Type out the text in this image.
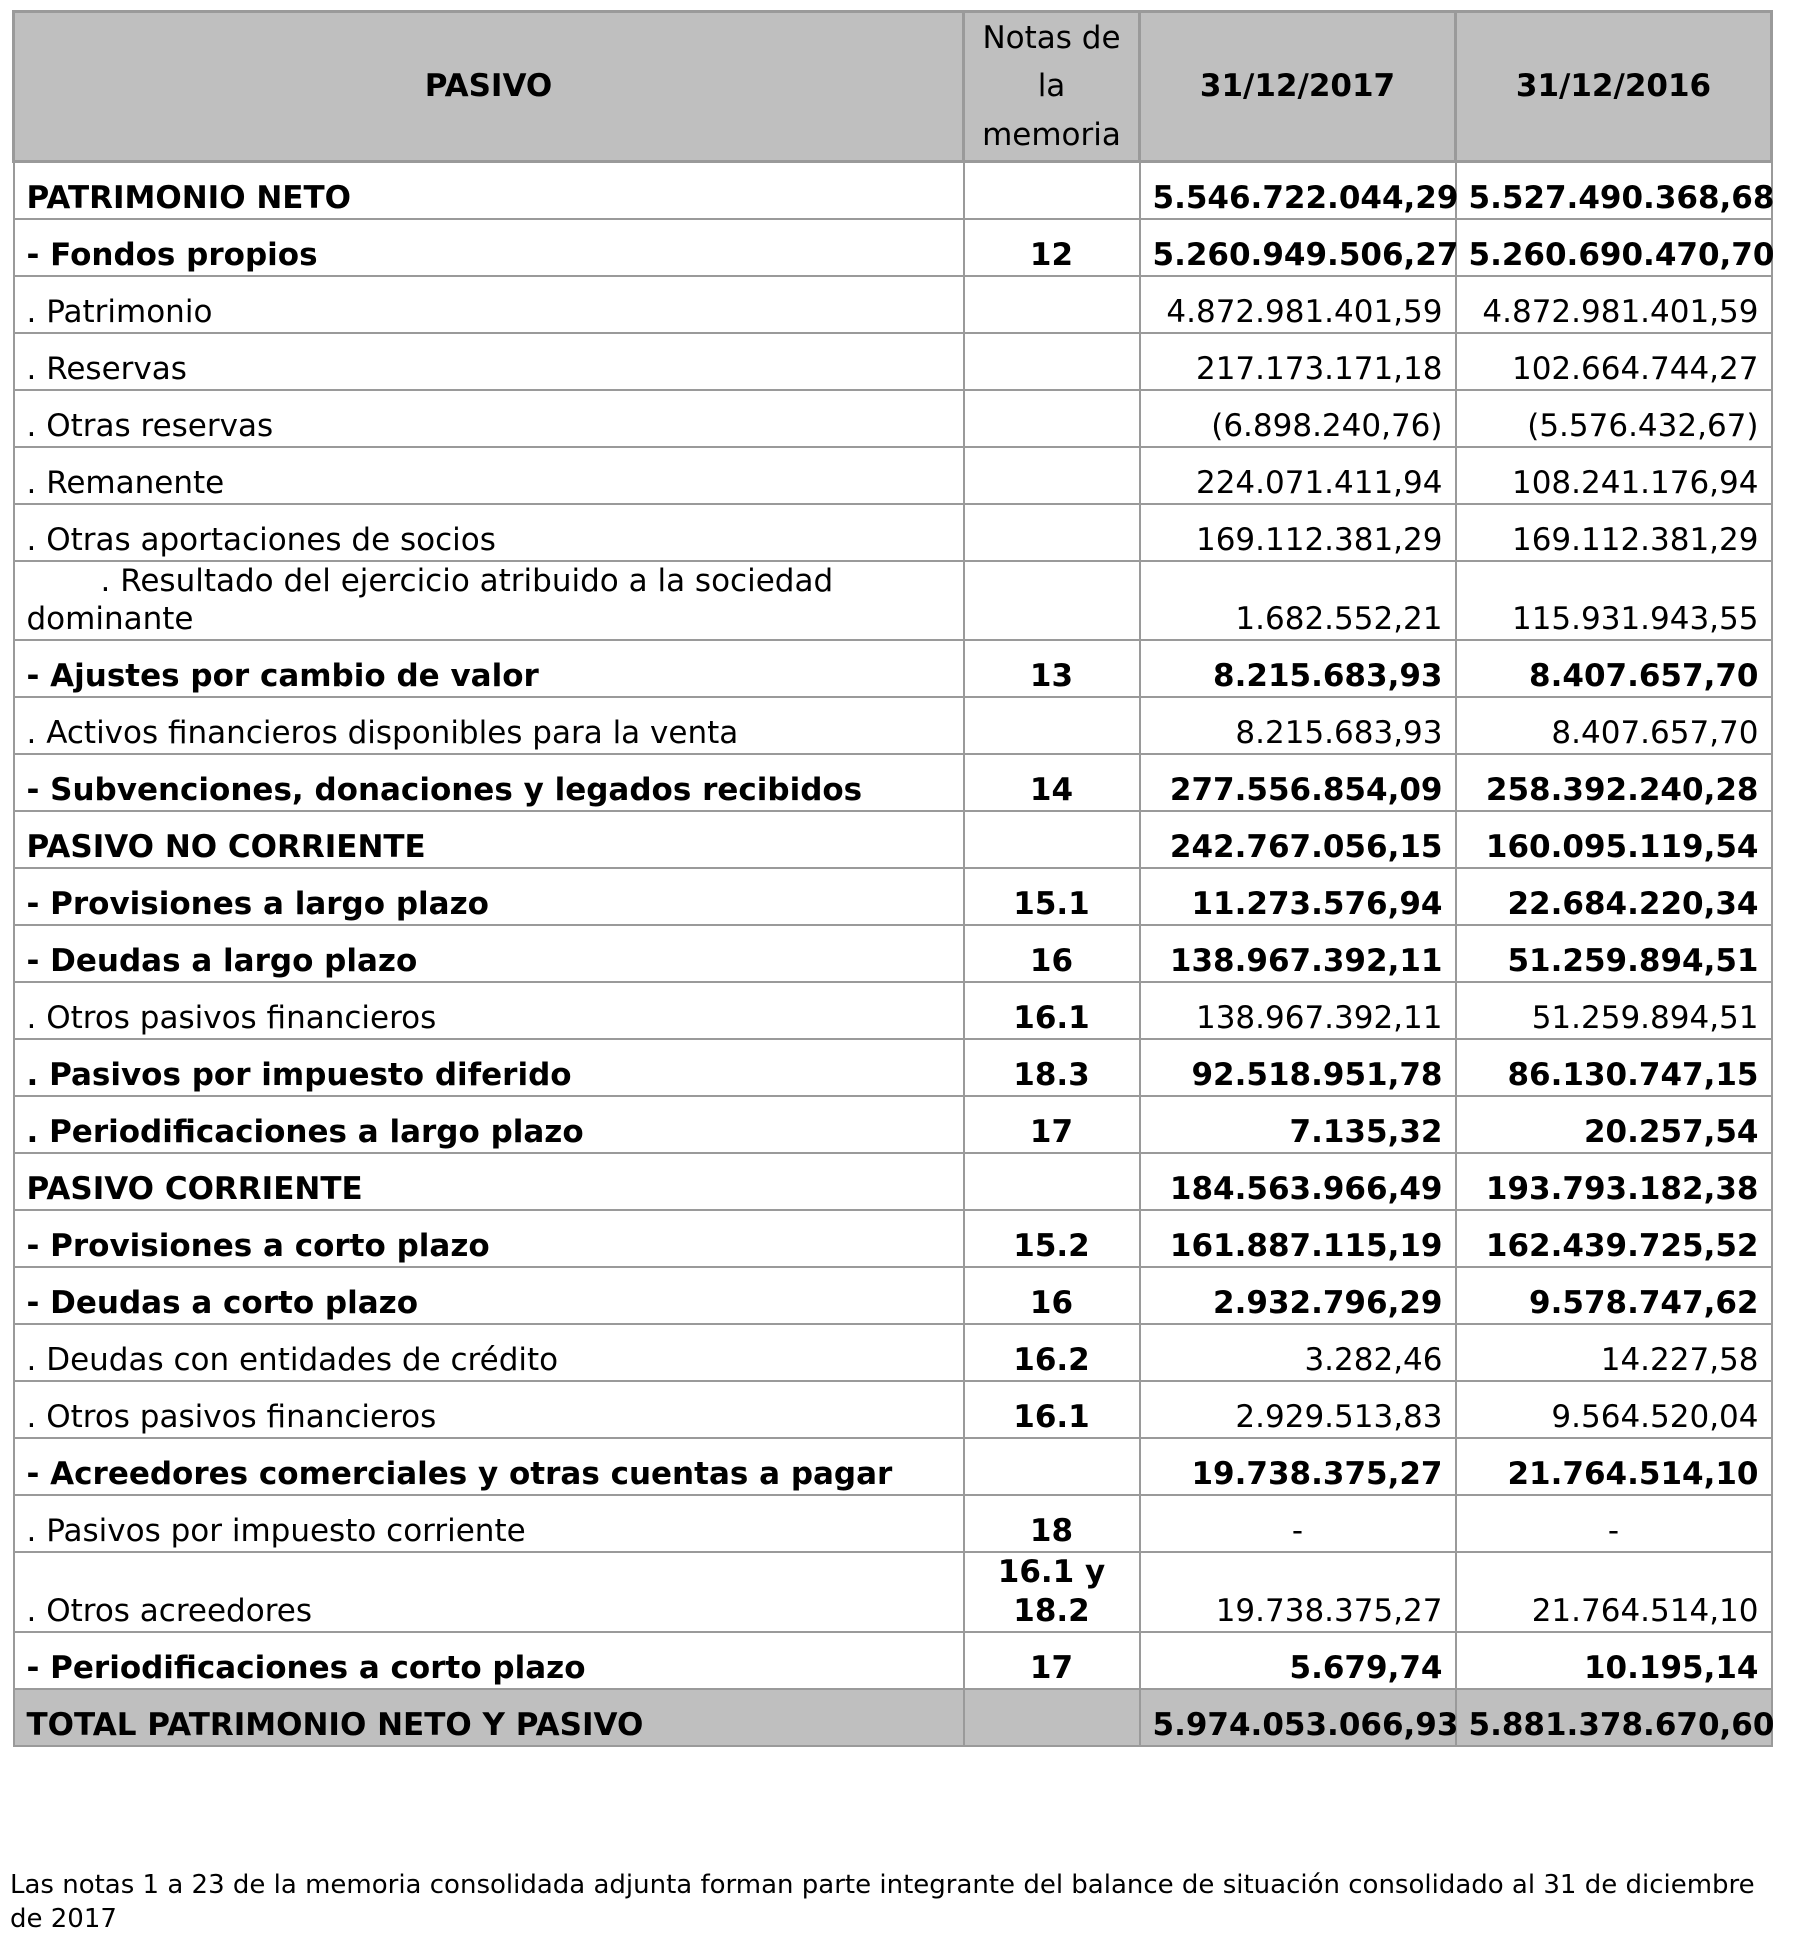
PASIVO	Notas de la memoria	31/12/2017	31/12/2016
PATRIMONIO NETO		5.546.722.044,29	5.527.490.368,68
- Fondos propios	12	5.260.949.506,27	5.260.690.470,70
. Patrimonio		4.872.981.401,59	4.872.981.401,59
. Reservas		217.173.171,18	102.664.744,27
. Otras reservas		(6.898.240,76)	(5.576.432,67)
. Remanente		224.071.411,94	108.241.176,94
. Otras aportaciones de socios		169.112.381,29	169.112.381,29

. Resultado del ejercicio atribuido a la sociedad
dominante		1.682.552,21	115.931.943,55
- Ajustes por cambio de valor	13	8.215.683,93	8.407.657,70
. Activos financieros disponibles para la venta		8.215.683,93	8.407.657,70
- Subvenciones, donaciones y legados recibidos	14	277.556.854,09	258.392.240,28
PASIVO NO CORRIENTE		242.767.056,15	160.095.119,54
- Provisiones a largo plazo	15.1	11.273.576,94	22.684.220,34
- Deudas a largo plazo	16	138.967.392,11	51.259.894,51
. Otros pasivos financieros	16.1	138.967.392,11	51.259.894,51
. Pasivos por impuesto diferido	18.3	92.518.951,78	86.130.747,15
. Periodificaciones a largo plazo	17	7.135,32	20.257,54
PASIVO CORRIENTE		184.563.966,49	193.793.182,38
- Provisiones a corto plazo	15.2	161.887.115,19	162.439.725,52
- Deudas a corto plazo	16	2.932.796,29	9.578.747,62
. Deudas con entidades de crédito	16.2	3.282,46	14.227,58
. Otros pasivos financieros	16.1	2.929.513,83	9.564.520,04
- Acreedores comerciales y otras cuentas a pagar		19.738.375,27	21.764.514,10
. Pasivos por impuesto corriente	18	-	-
. Otros acreedores	16.1 y
18.2	19.738.375,27	21.764.514,10
- Periodificaciones a corto plazo	17	5.679,74	10.195,14
TOTAL PATRIMONIO NETO Y PASIVO		5.974.053.066,93	5.881.378.670,60
Las notas 1 a 23 de la memoria consolidada adjunta forman parte integrante del balance de situación consolidado al 31 de diciembre de 2017
